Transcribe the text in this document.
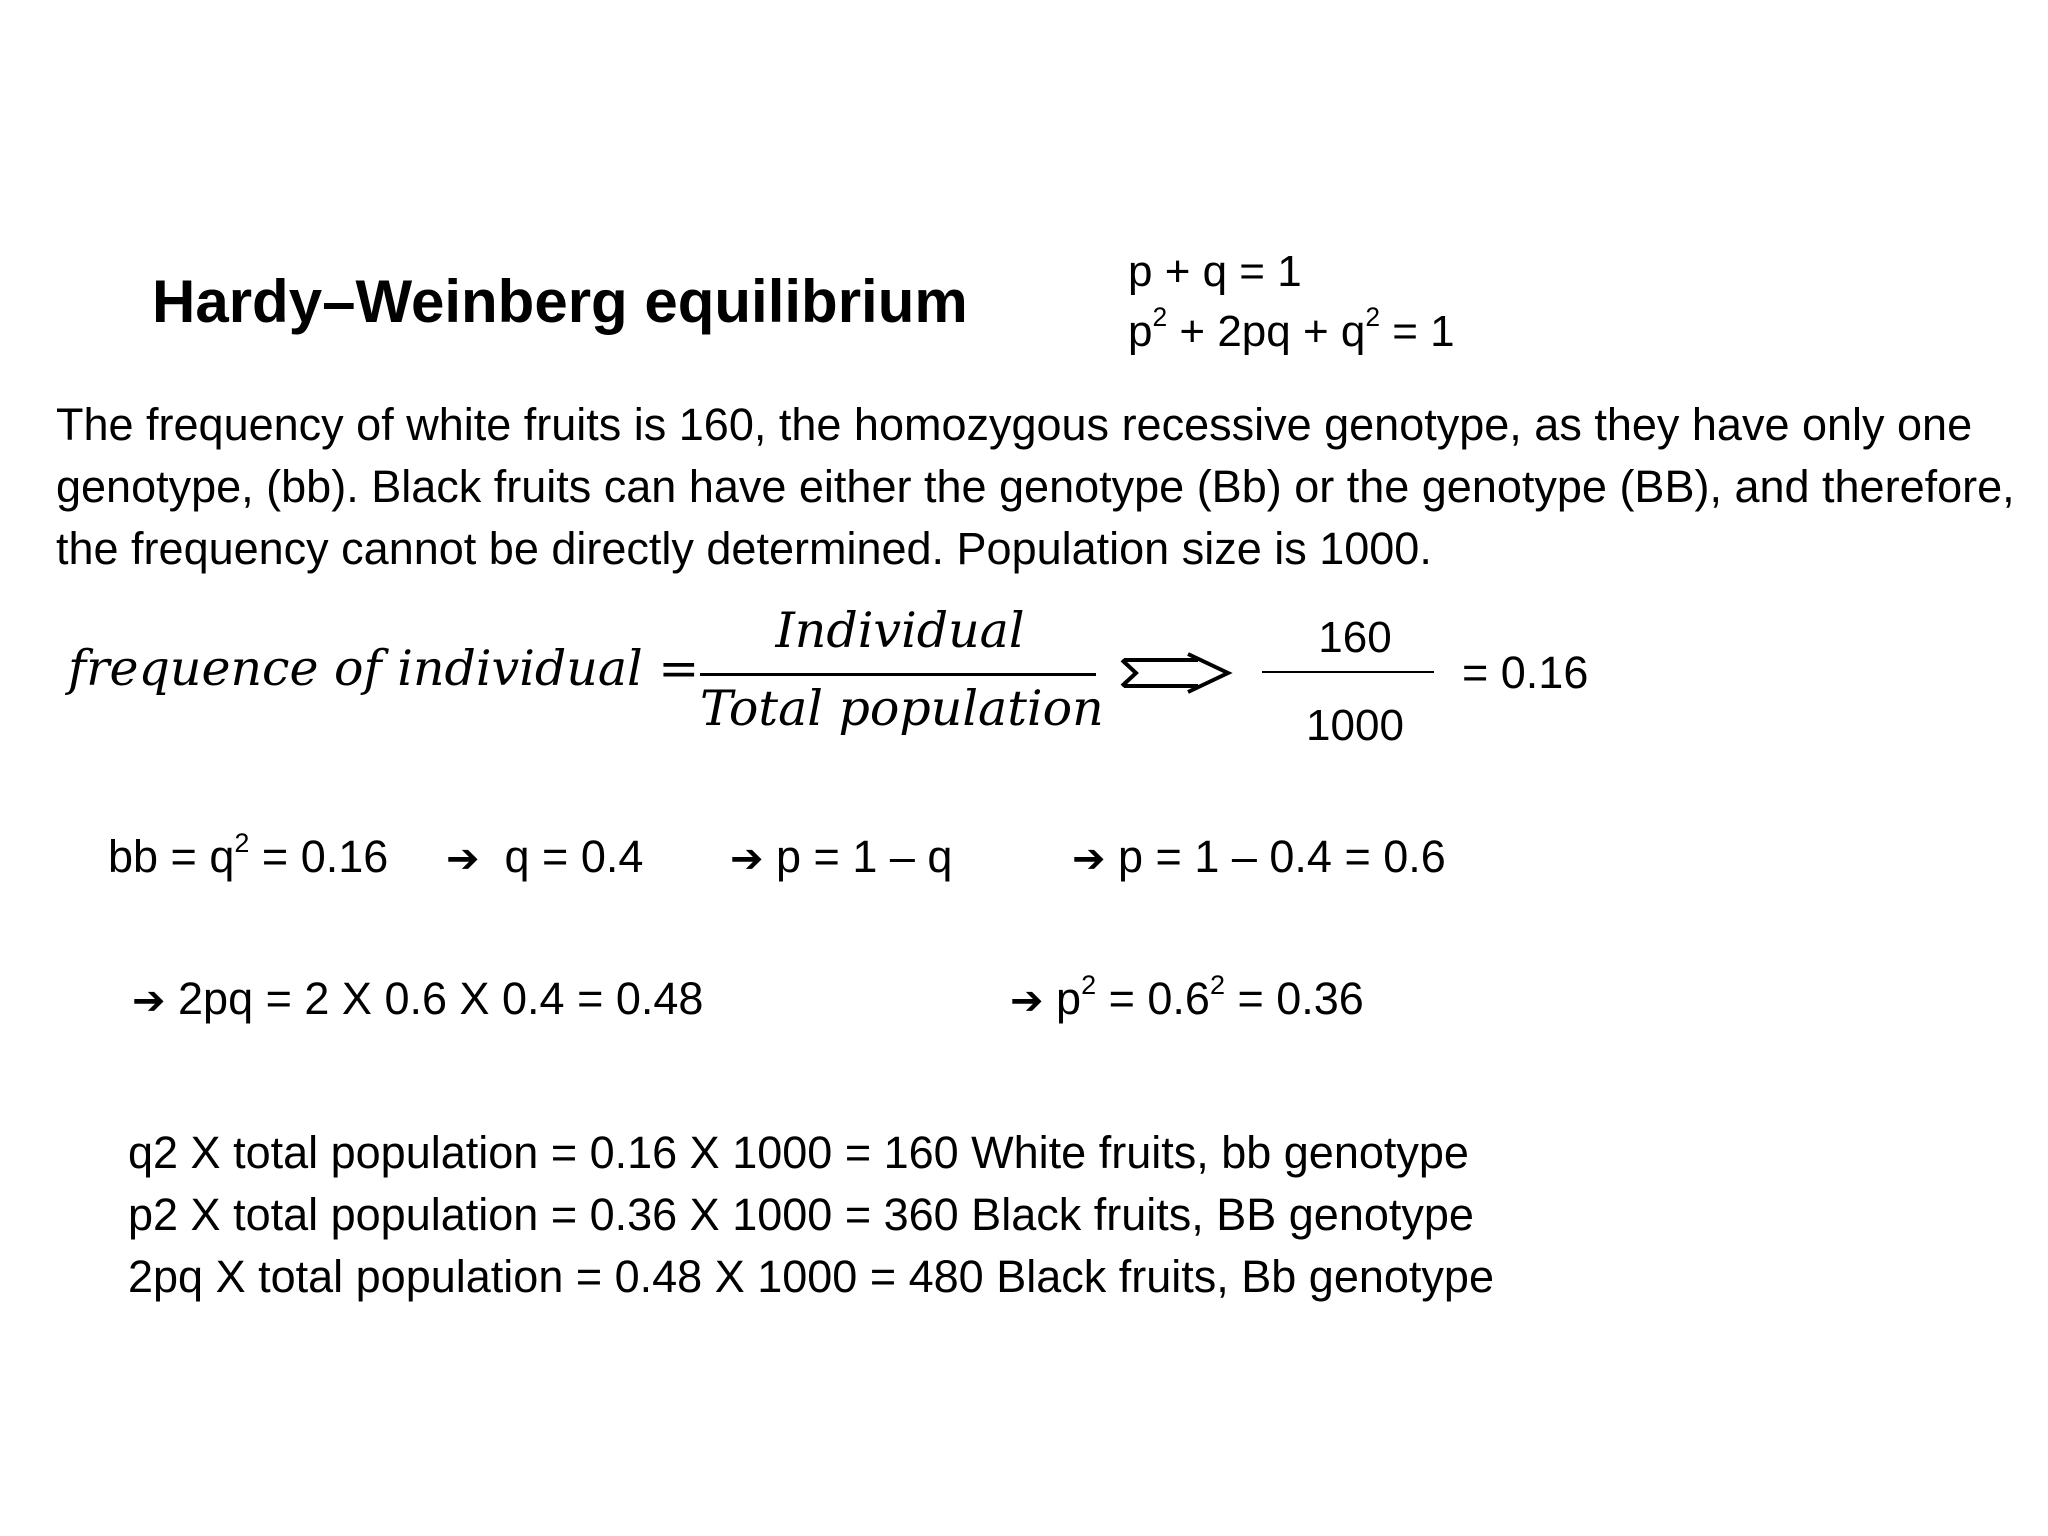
Hardy–Weinberg equilibrium	p + q = 1
$p^2 + 2pq + q^2 = 1$
The frequency of white fruits is 160, the homozygous recessive genotype, as they have only one genotype, (bb). Black fruits can have either the genotype (Bb) or the genotype (BB), and therefore, the frequency cannot be directly determined. Population size is 1000.
frequence of individual =
Individual
Total population
160
1000
= 0.16
bb = $q^2 = 0.16$ ➔ q = 0.4 ➔ p = 1 – q	➔ p = 1 – 0.4 = 0.6
➔ 2pq = 2 X 0.6 X 0.4 = 0.48	➔ $p^2 = 0.6^2 = 0.36$
q2 X total population = 0.16 X 1000 = 160 White fruits, bb genotype
p2 X total population = 0.36 X 1000 = 360 Black fruits, BB genotype
2pq X total population = 0.48 X 1000 = 480 Black fruits, Bb genotype
